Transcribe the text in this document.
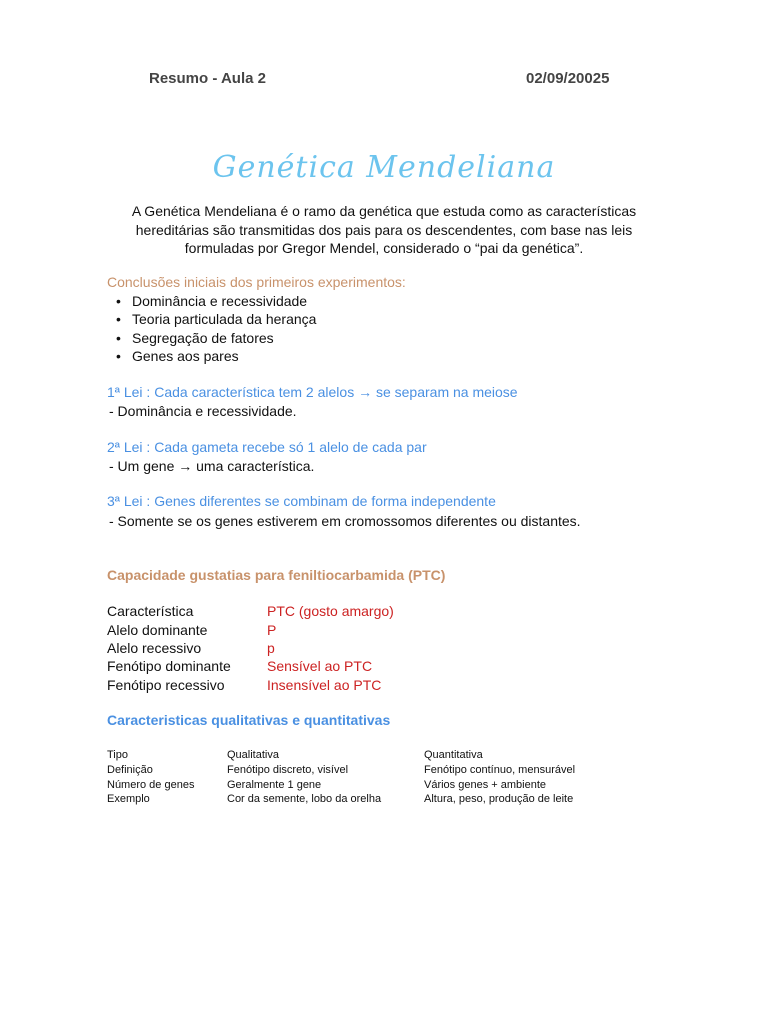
Resumo - Aula 2	02/09/20025
Genética Mendeliana
A Genética Mendeliana é o ramo da genética que estuda como as características hereditárias são transmitidas dos pais para os descendentes, com base nas leis formuladas por Gregor Mendel, considerado o “pai da genética”.
Conclusões iniciais dos primeiros experimentos:
• Dominância e recessividade
• Teoria particulada da herança
• Segregação de fatores
• Genes aos pares
1ª Lei : Cada característica tem 2 alelos → se separam na meiose
- Dominância e recessividade.
2ª Lei : Cada gameta recebe só 1 alelo de cada par
- Um gene → uma característica.
3ª Lei : Genes diferentes se combinam de forma independente
- Somente se os genes estiverem em cromossomos diferentes ou distantes.
Capacidade gustatias para feniltiocarbamida (PTC)
Característica	PTC (gosto amargo)
Alelo dominante	P
Alelo recessivo	p
Fenótipo dominante	Sensível ao PTC
Fenótipo recessivo	Insensível ao PTC
Caracteristicas qualitativas e quantitativas
Tipo	Qualitativa	Quantitativa
Definição	Fenótipo discreto, visível	Fenótipo contínuo, mensurável
Número de genes	Geralmente 1 gene	Vários genes + ambiente
Exemplo	Cor da semente, lobo da orelha	Altura, peso, produção de leite
